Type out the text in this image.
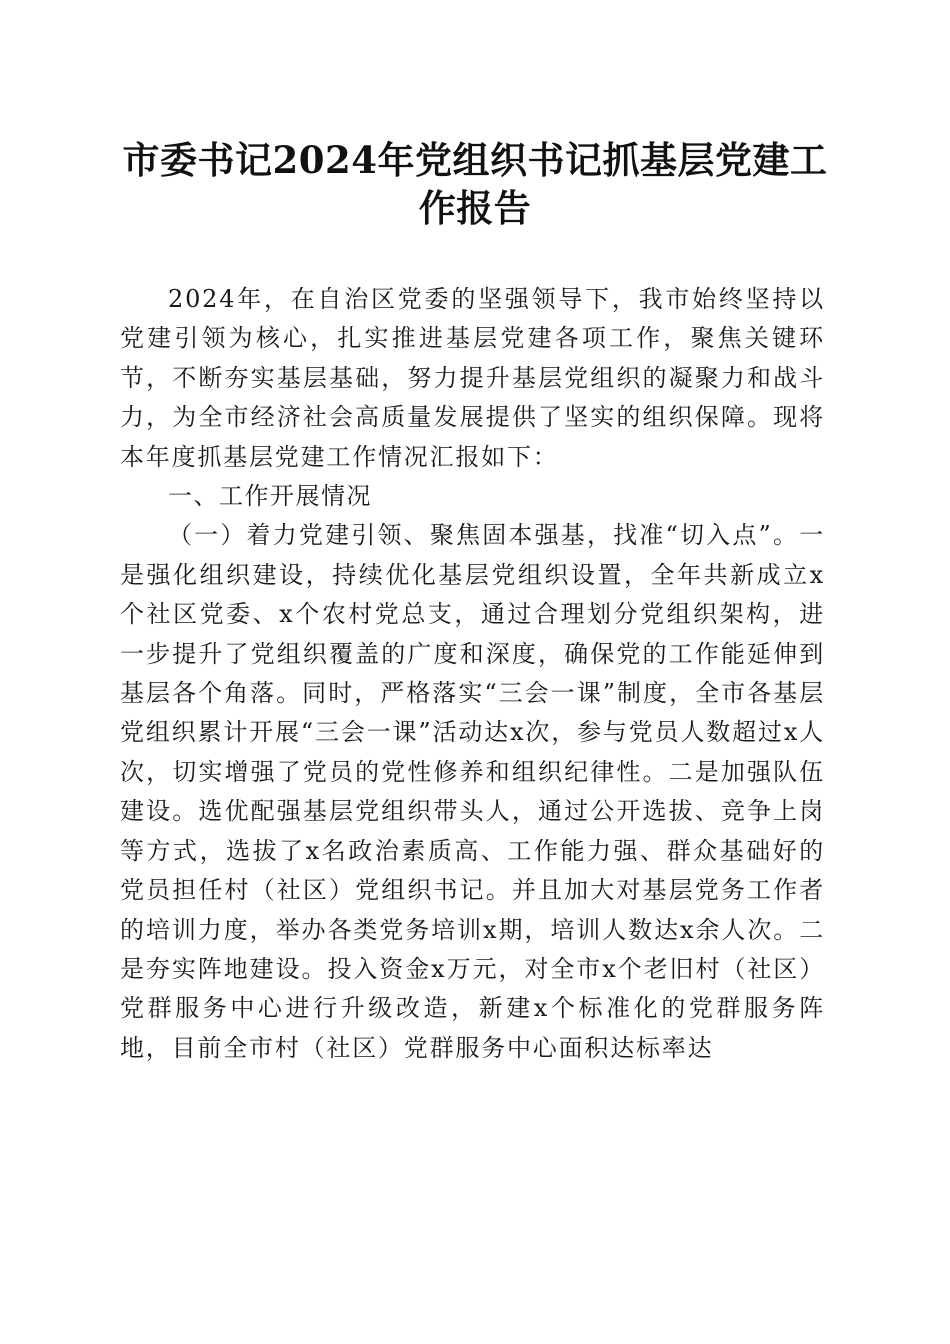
市委书记2024年党组织书记抓基层党建工作报告

2024年，在自治区党委的坚强领导下，我市始终坚持以党建引领为核心，扎实推进基层党建各项工作，聚焦关键环节，不断夯实基层基础，努力提升基层党组织的凝聚力和战斗力，为全市经济社会高质量发展提供了坚实的组织保障。现将本年度抓基层党建工作情况汇报如下：

一、工作开展情况

（一）着力党建引领、聚焦固本强基，找准“切入点”。一是强化组织建设，持续优化基层党组织设置，全年共新成立x个社区党委、x个农村党总支，通过合理划分党组织架构，进一步提升了党组织覆盖的广度和深度，确保党的工作能延伸到基层各个角落。同时，严格落实“三会一课”制度，全市各基层党组织累计开展“三会一课”活动达x次，参与党员人数超过x人次，切实增强了党员的党性修养和组织纪律性。二是加强队伍建设。选优配强基层党组织带头人，通过公开选拔、竞争上岗等方式，选拔了x名政治素质高、工作能力强、群众基础好的党员担任村（社区）党组织书记。并且加大对基层党务工作者的培训力度，举办各类党务培训x期，培训人数达x余人次。二是夯实阵地建设。投入资金x万元，对全市x个老旧村（社区）党群服务中心进行升级改造，新建x个标准化的党群服务阵地，目前全市村（社区）党群服务中心面积达标率达
